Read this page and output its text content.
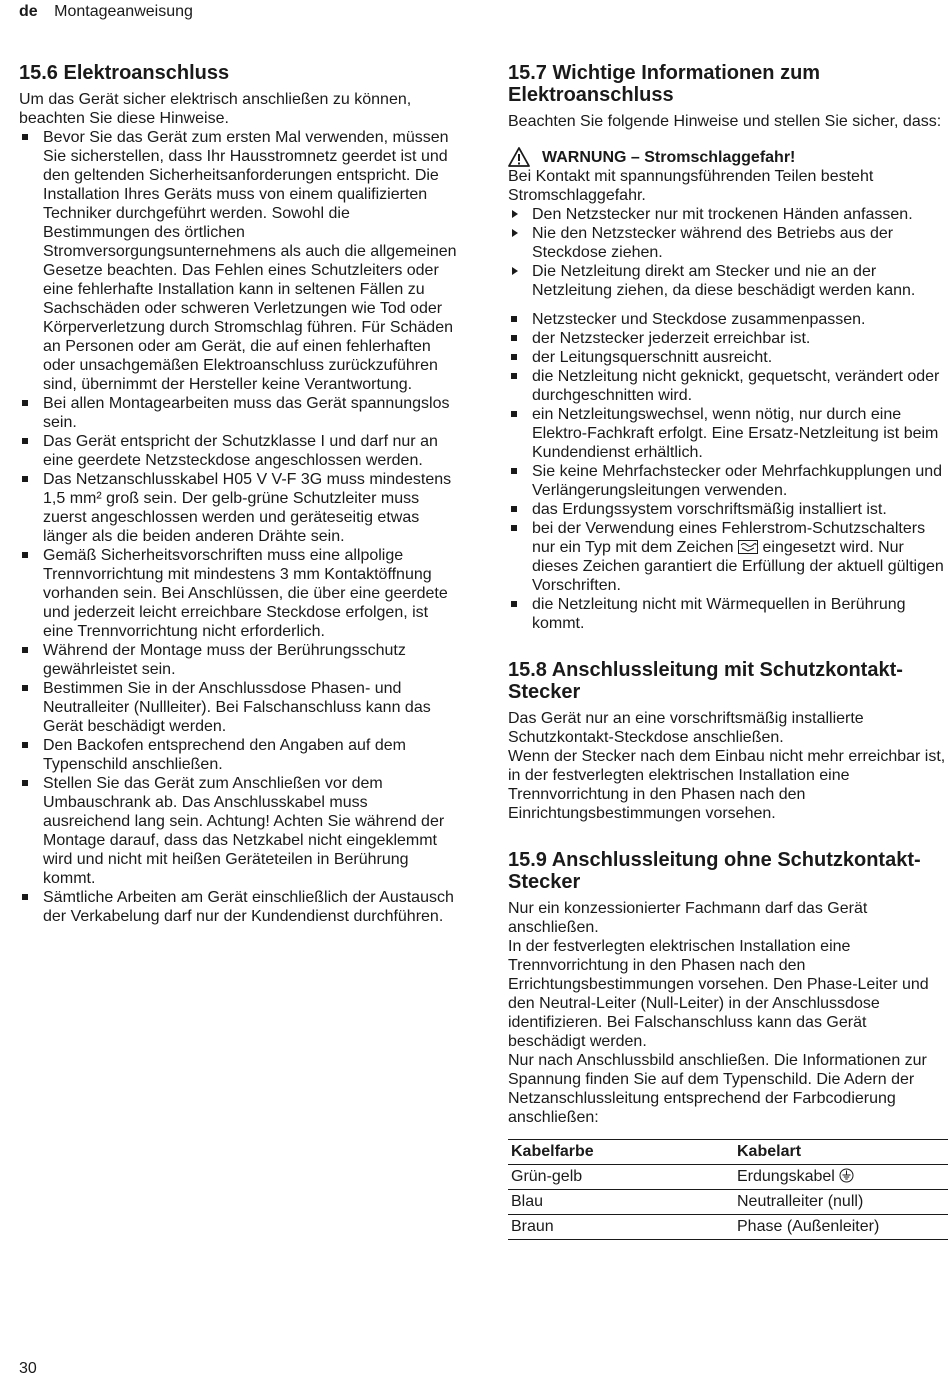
de Montageanweisung
15.6 Elektroanschluss

Um das Gerät sicher elektrisch anschließen zu können, beachten Sie diese Hinweise.

Bevor Sie das Gerät zum ersten Mal verwenden, müssen Sie sicherstellen, dass Ihr Hausstromnetz geerdet ist und den geltenden Sicherheitsanforderungen entspricht. Die Installation Ihres Geräts muss von einem qualifizierten Techniker durchgeführt werden. Sowohl die Bestimmungen des örtlichen Stromversorgungsunternehmens als auch die allgemeinen Gesetze beachten. Das Fehlen eines Schutzleiters oder eine fehlerhafte Installation kann in seltenen Fällen zu Sachschäden oder schweren Verletzungen wie Tod oder Körperverletzung durch Stromschlag führen. Für Schäden an Personen oder am Gerät, die auf einen fehlerhaften oder unsachgemäßen Elektroanschluss zurückzuführen sind, übernimmt der Hersteller keine Verantwortung.
Bei allen Montagearbeiten muss das Gerät spannungslos sein.
Das Gerät entspricht der Schutzklasse I und darf nur an eine geerdete Netzsteckdose angeschlossen werden.
Das Netzanschlusskabel H05 V V-F 3G muss mindestens 1,5 mm² groß sein. Der gelb-grüne Schutzleiter muss zuerst angeschlossen werden und geräteseitig etwas länger als die beiden anderen Drähte sein.
Gemäß Sicherheitsvorschriften muss eine allpolige Trennvorrichtung mit mindestens 3 mm Kontaktöffnung vorhanden sein. Bei Anschlüssen, die über eine geerdete und jederzeit leicht erreichbare Steckdose erfolgen, ist eine Trennvorrichtung nicht erforderlich.
Während der Montage muss der Berührungsschutz gewährleistet sein.
Bestimmen Sie in der Anschlussdose Phasen- und Neutralleiter (Nullleiter). Bei Falschanschluss kann das Gerät beschädigt werden.
Den Backofen entsprechend den Angaben auf dem Typenschild anschließen.
Stellen Sie das Gerät zum Anschließen vor dem Umbauschrank ab. Das Anschlusskabel muss ausreichend lang sein. Achtung! Achten Sie während der Montage darauf, dass das Netzkabel nicht eingeklemmt wird und nicht mit heißen Geräteteilen in Berührung kommt.
Sämtliche Arbeiten am Gerät einschließlich der Austausch der Verkabelung darf nur der Kundendienst durchführen.
15.7 Wichtige Informationen zum Elektroanschluss

Beachten Sie folgende Hinweise und stellen Sie sicher, dass:

WARNUNG – Stromschlaggefahr!

Bei Kontakt mit spannungsführenden Teilen besteht Stromschlaggefahr.

Den Netzstecker nur mit trockenen Händen anfassen.
Nie den Netzstecker während des Betriebs aus der Steckdose ziehen.
Die Netzleitung direkt am Stecker und nie an der Netzleitung ziehen, da diese beschädigt werden kann.
Netzstecker und Steckdose zusammenpassen.
der Netzstecker jederzeit erreichbar ist.
der Leitungsquerschnitt ausreicht.
die Netzleitung nicht geknickt, gequetscht, verändert oder durchgeschnitten wird.
ein Netzleitungswechsel, wenn nötig, nur durch eine Elektro-Fachkraft erfolgt. Eine Ersatz-Netzleitung ist beim Kundendienst erhältlich.
Sie keine Mehrfachstecker oder Mehrfachkupplungen und Verlängerungsleitungen verwenden.
das Erdungssystem vorschriftsmäßig installiert ist.
bei der Verwendung eines Fehlerstrom-Schutzschalters nur ein Typ mit dem Zeichen eingesetzt wird. Nur dieses Zeichen garantiert die Erfüllung der aktuell gültigen Vorschriften.
die Netzleitung nicht mit Wärmequellen in Berührung kommt.
15.8 Anschlussleitung mit Schutzkontakt-Stecker

Das Gerät nur an eine vorschriftsmäßig installierte Schutzkontakt-Steckdose anschließen.

Wenn der Stecker nach dem Einbau nicht mehr erreichbar ist, in der festverlegten elektrischen Installation eine Trennvorrichtung in den Phasen nach den Einrichtungsbestimmungen vorsehen.

15.9 Anschlussleitung ohne Schutzkontakt-Stecker

Nur ein konzessionierter Fachmann darf das Gerät anschließen.

In der festverlegten elektrischen Installation eine Trennvorrichtung in den Phasen nach den Errichtungsbestimmungen vorsehen. Den Phase-Leiter und den Neutral-Leiter (Null-Leiter) in der Anschlussdose identifizieren. Bei Falschanschluss kann das Gerät beschädigt werden.

Nur nach Anschlussbild anschließen. Die Informationen zur Spannung finden Sie auf dem Typenschild. Die Adern der Netzanschlussleitung entsprechend der Farbcodierung anschließen:

Kabelfarbe	Kabelart
Grün-gelb	Erdungskabel
Blau	Neutralleiter (null)
Braun	Phase (Außenleiter)
30
